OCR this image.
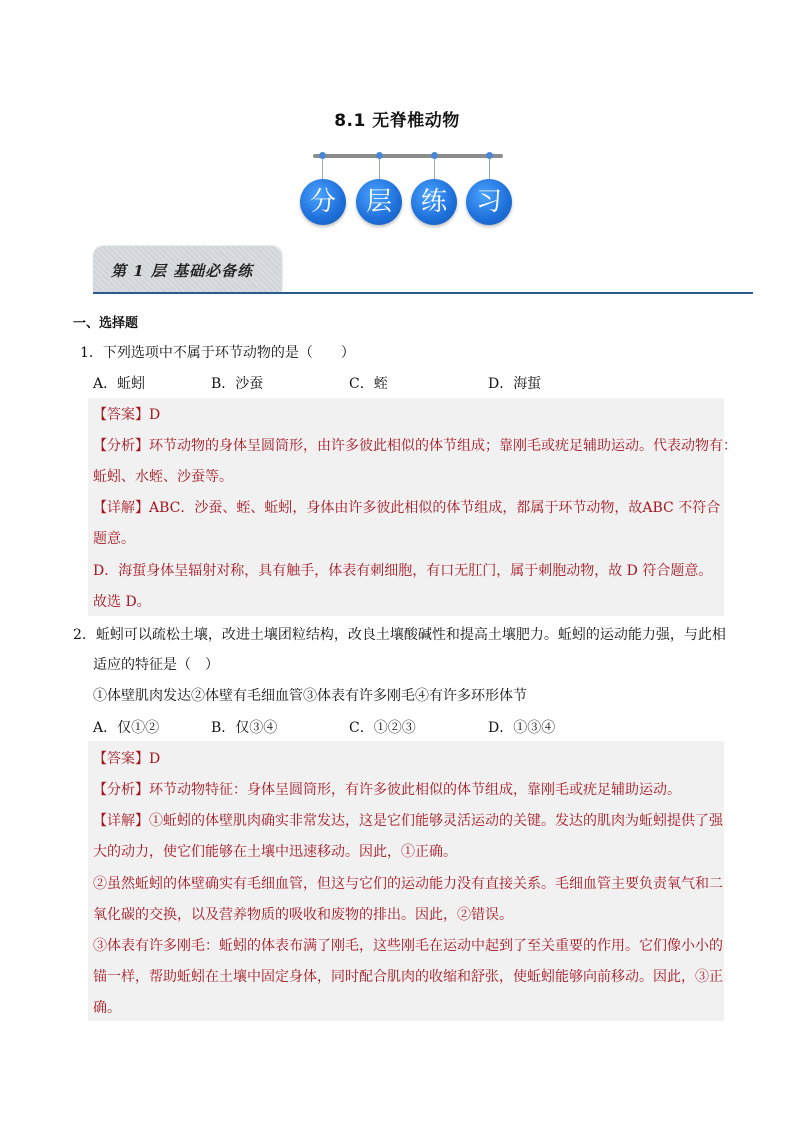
8.1 无脊椎动物
分	层	练	习
第 1 层 基础必备练
一、选择题
1．下列选项中不属于环节动物的是（　　）
A．蚯蚓	B．沙蚕	C．蛭	D．海蜇
【答案】D
【分析】环节动物的身体呈圆筒形，由许多彼此相似的体节组成；靠刚毛或疣足辅助运动。代表动物有：
蚯蚓、水蛭、沙蚕等。
【详解】ABC．沙蚕、蛭、蚯蚓，身体由许多彼此相似的体节组成，都属于环节动物，故ABC 不符合
题意。
D．海蜇身体呈辐射对称，具有触手，体表有刺细胞，有口无肛门，属于刺胞动物，故 D 符合题意。
故选 D。
2．蚯蚓可以疏松土壤，改进土壤团粒结构，改良土壤酸碱性和提高土壤肥力。蚯蚓的运动能力强，与此相
适应的特征是（　）
①体壁肌肉发达②体壁有毛细血管③体表有许多刚毛④有许多环形体节
A．仅①②	B．仅③④	C．①②③	D．①③④
【答案】D
【分析】环节动物特征：身体呈圆筒形，有许多彼此相似的体节组成，靠刚毛或疣足辅助运动。
【详解】①蚯蚓的体壁肌肉确实非常发达，这是它们能够灵活运动的关键。发达的肌肉为蚯蚓提供了强
大的动力，使它们能够在土壤中迅速移动。因此，①正确。
②虽然蚯蚓的体壁确实有毛细血管，但这与它们的运动能力没有直接关系。毛细血管主要负责氧气和二
氧化碳的交换，以及营养物质的吸收和废物的排出。因此，②错误。
③体表有许多刚毛：蚯蚓的体表布满了刚毛，这些刚毛在运动中起到了至关重要的作用。它们像小小的
锚一样，帮助蚯蚓在土壤中固定身体，同时配合肌肉的收缩和舒张，使蚯蚓能够向前移动。因此，③正
确。
